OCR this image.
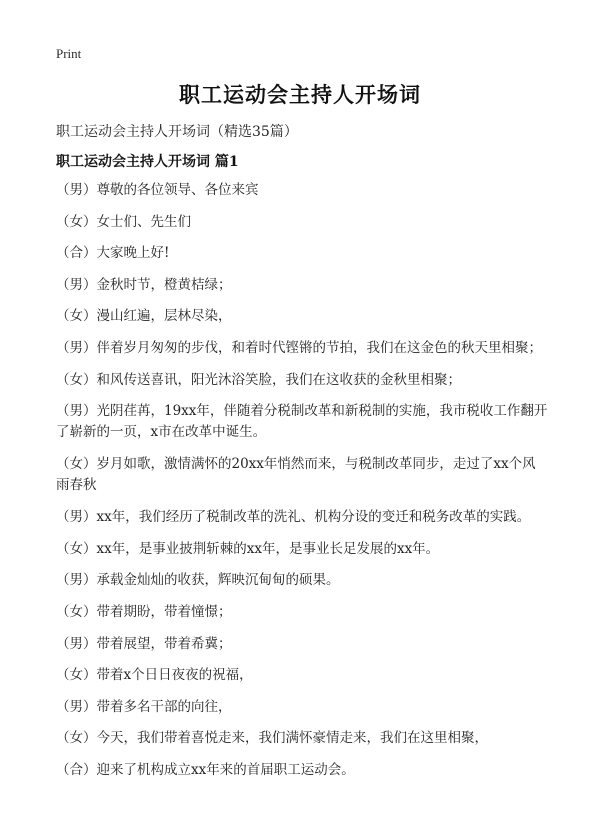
Print
职工运动会主持人开场词

职工运动会主持人开场词（精选35篇）

职工运动会主持人开场词 篇1

（男）尊敬的各位领导、各位来宾
（女）女士们、先生们
（合）大家晚上好!
（男）金秋时节，橙黄桔绿；
（女）漫山红遍，层林尽染，
（男）伴着岁月匆匆的步伐，和着时代铿锵的节拍，我们在这金色的秋天里相聚；
（女）和风传送喜讯，阳光沐浴笑脸，我们在这收获的金秋里相聚；
（男）光阴荏苒，19xx年，伴随着分税制改革和新税制的实施，我市税收工作翻开了崭新的一页，x市在改革中诞生。
（女）岁月如歌，激情满怀的20xx年悄然而来，与税制改革同步，走过了xx个风雨春秋
（男）xx年，我们经历了税制改革的洗礼、机构分设的变迁和税务改革的实践。
（女）xx年，是事业披荆斩棘的xx年，是事业长足发展的xx年。
（男）承载金灿灿的收获，辉映沉甸甸的硕果。
（女）带着期盼，带着憧憬；
（男）带着展望，带着希冀；
（女）带着x个日日夜夜的祝福，
（男）带着多名干部的向往，
（女）今天，我们带着喜悦走来，我们满怀豪情走来，我们在这里相聚，
（合）迎来了机构成立xx年来的首届职工运动会。
